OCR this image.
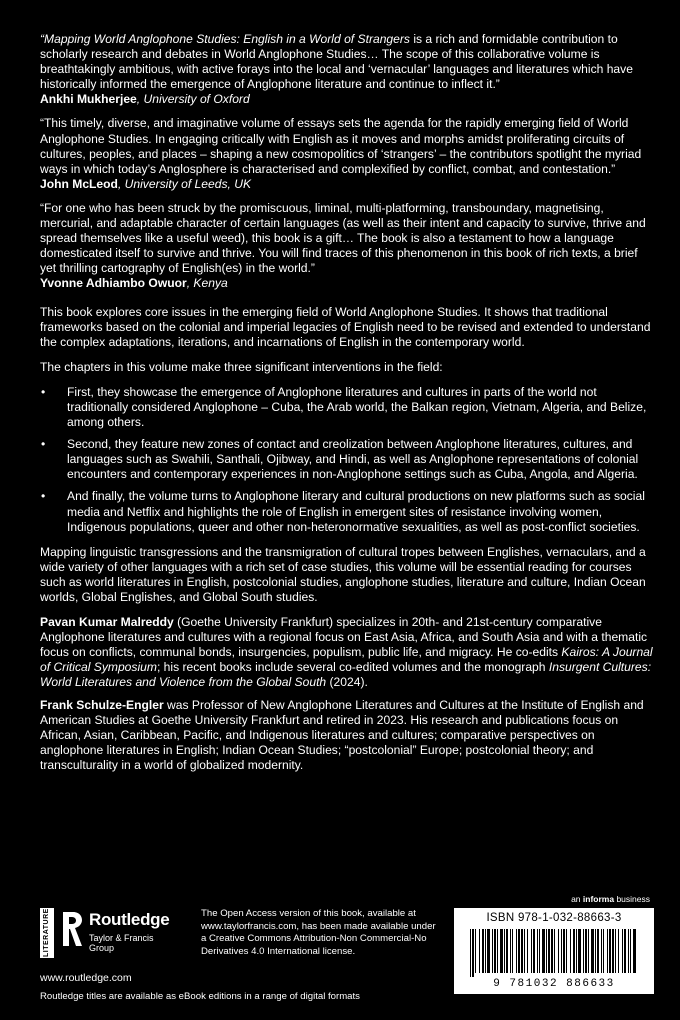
“Mapping World Anglophone Studies: English in a World of Strangers is a rich and formidable contribution to scholarly research and debates in World Anglophone Studies… The scope of this collaborative volume is breathtakingly ambitious, with active forays into the local and ‘vernacular’ languages and literatures which have historically informed the emergence of Anglophone literature and continue to inflect it.”

Ankhi Mukherjee, University of Oxford

“This timely, diverse, and imaginative volume of essays sets the agenda for the rapidly emerging field of World Anglophone Studies. In engaging critically with English as it moves and morphs amidst proliferating circuits of cultures, peoples, and places – shaping a new cosmopolitics of ‘strangers’ – the contributors spotlight the myriad ways in which today’s Anglosphere is characterised and complexified by conflict, combat, and contestation.”

John McLeod, University of Leeds, UK

“For one who has been struck by the promiscuous, liminal, multi-platforming, transboundary, magnetising, mercurial, and adaptable character of certain languages (as well as their intent and capacity to survive, thrive and spread themselves like a useful weed), this book is a gift… The book is also a testament to how a language domesticated itself to survive and thrive. You will find traces of this phenomenon in this book of rich texts, a brief yet thrilling cartography of English(es) in the world.”

Yvonne Adhiambo Owuor, Kenya

This book explores core issues in the emerging field of World Anglophone Studies. It shows that traditional frameworks based on the colonial and imperial legacies of English need to be revised and extended to understand the complex adaptations, iterations, and incarnations of English in the contemporary world.

The chapters in this volume make three significant interventions in the field:

• First, they showcase the emergence of Anglophone literatures and cultures in parts of the world not traditionally considered Anglophone – Cuba, the Arab world, the Balkan region, Vietnam, Algeria, and Belize, among others.
• Second, they feature new zones of contact and creolization between Anglophone literatures, cultures, and languages such as Swahili, Santhali, Ojibway, and Hindi, as well as Anglophone representations of colonial encounters and contemporary experiences in non-Anglophone settings such as Cuba, Angola, and Algeria.
• And finally, the volume turns to Anglophone literary and cultural productions on new platforms such as social media and Netflix and highlights the role of English in emergent sites of resistance involving women, Indigenous populations, queer and other non-heteronormative sexualities, as well as post-conflict societies.

Mapping linguistic transgressions and the transmigration of cultural tropes between Englishes, vernaculars, and a wide variety of other languages with a rich set of case studies, this volume will be essential reading for courses such as world literatures in English, postcolonial studies, anglophone studies, literature and culture, Indian Ocean worlds, Global Englishes, and Global South studies.

Pavan Kumar Malreddy (Goethe University Frankfurt) specializes in 20th- and 21st-century comparative Anglophone literatures and cultures with a regional focus on East Asia, Africa, and South Asia and with a thematic focus on conflicts, communal bonds, insurgencies, populism, public life, and migracy. He co-edits Kairos: A Journal of Critical Symposium; his recent books include several co-edited volumes and the monograph Insurgent Cultures: World Literatures and Violence from the Global South (2024).

Frank Schulze-Engler was Professor of New Anglophone Literatures and Cultures at the Institute of English and American Studies at Goethe University Frankfurt and retired in 2023. His research and publications focus on African, Asian, Caribbean, Pacific, and Indigenous literatures and cultures; comparative perspectives on anglophone literatures in English; Indian Ocean Studies; “postcolonial” Europe; postcolonial theory; and transculturality in a world of globalized modernity.

an informa business
LITERATURE Routledge
Taylor & Francis Group
www.routledge.com
The Open Access version of this book, available at www.taylorfrancis.com, has been made available under a Creative Commons Attribution-Non Commercial-No Derivatives 4.0 International license.
Routledge titles are available as eBook editions in a range of digital formats
ISBN 978-1-032-88663-3
9 781032 886633
